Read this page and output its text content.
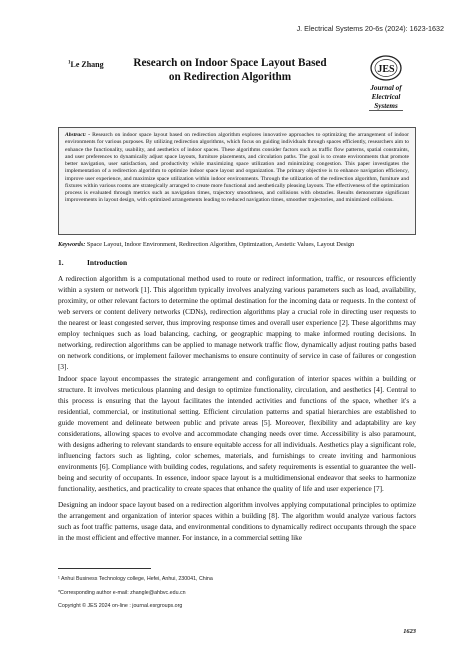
J. Electrical Systems 20-6s (2024): 1623-1632
$^1$Le Zhang	Research on Indoor Space Layout Based on Redirection Algorithm
JES
Journal of
Electrical
Systems
Abstract: - Research on indoor space layout based on redirection algorithm explores innovative approaches to optimizing the arrangement of indoor environments for various purposes. By utilizing redirection algorithms, which focus on guiding individuals through spaces efficiently, researchers aim to enhance the functionality, usability, and aesthetics of indoor spaces. These algorithms consider factors such as traffic flow patterns, spatial constraints, and user preferences to dynamically adjust space layouts, furniture placements, and circulation paths. The goal is to create environments that promote better navigation, user satisfaction, and productivity while maximizing space utilization and minimizing congestion. This paper investigates the implementation of a redirection algorithm to optimize indoor space layout and organization. The primary objective is to enhance navigation efficiency, improve user experience, and maximize space utilization within indoor environments. Through the utilization of the redirection algorithm, furniture and fixtures within various rooms are strategically arranged to create more functional and aesthetically pleasing layouts. The effectiveness of the optimization process is evaluated through metrics such as navigation times, trajectory smoothness, and collisions with obstacles. Results demonstrate significant improvements in layout design, with optimized arrangements leading to reduced navigation times, smoother trajectories, and minimized collisions.
Keywords: Space Layout, Indoor Environment, Redirection Algorithm, Optimization, Aestetic Values, Layout Design
1.	Introduction

A redirection algorithm is a computational method used to route or redirect information, traffic, or resources efficiently within a system or network [1]. This algorithm typically involves analyzing various parameters such as load, availability, proximity, or other relevant factors to determine the optimal destination for the incoming data or requests. In the context of web servers or content delivery networks (CDNs), redirection algorithms play a crucial role in directing user requests to the nearest or least congested server, thus improving response times and overall user experience [2]. These algorithms may employ techniques such as load balancing, caching, or geographic mapping to make informed routing decisions. In networking, redirection algorithms can be applied to manage network traffic flow, dynamically adjust routing paths based on network conditions, or implement failover mechanisms to ensure continuity of service in case of failures or congestion [3].

Indoor space layout encompasses the strategic arrangement and configuration of interior spaces within a building or structure. It involves meticulous planning and design to optimize functionality, circulation, and aesthetics [4]. Central to this process is ensuring that the layout facilitates the intended activities and functions of the space, whether it's a residential, commercial, or institutional setting. Efficient circulation patterns and spatial hierarchies are established to guide movement and delineate between public and private areas [5]. Moreover, flexibility and adaptability are key considerations, allowing spaces to evolve and accommodate changing needs over time. Accessibility is also paramount, with designs adhering to relevant standards to ensure equitable access for all individuals. Aesthetics play a significant role, influencing factors such as lighting, color schemes, materials, and furnishings to create inviting and harmonious environments [6]. Compliance with building codes, regulations, and safety requirements is essential to guarantee the well-being and security of occupants. In essence, indoor space layout is a multidimensional endeavor that seeks to harmonize functionality, aesthetics, and practicality to create spaces that enhance the quality of life and user experience [7].

Designing an indoor space layout based on a redirection algorithm involves applying computational principles to optimize the arrangement and organization of interior spaces within a building [8]. The algorithm would analyze various factors such as foot traffic patterns, usage data, and environmental conditions to dynamically redirect occupants through the space in the most efficient and effective manner. For instance, in a commercial setting like

¹ Anhui Business Technology college, Hefei, Anhui, 230041, China
*Corresponding author e-mail: zhangle@ahbvc.edu.cn
Copyright © JES 2024 on-line : journal.esrgroups.org
1623
